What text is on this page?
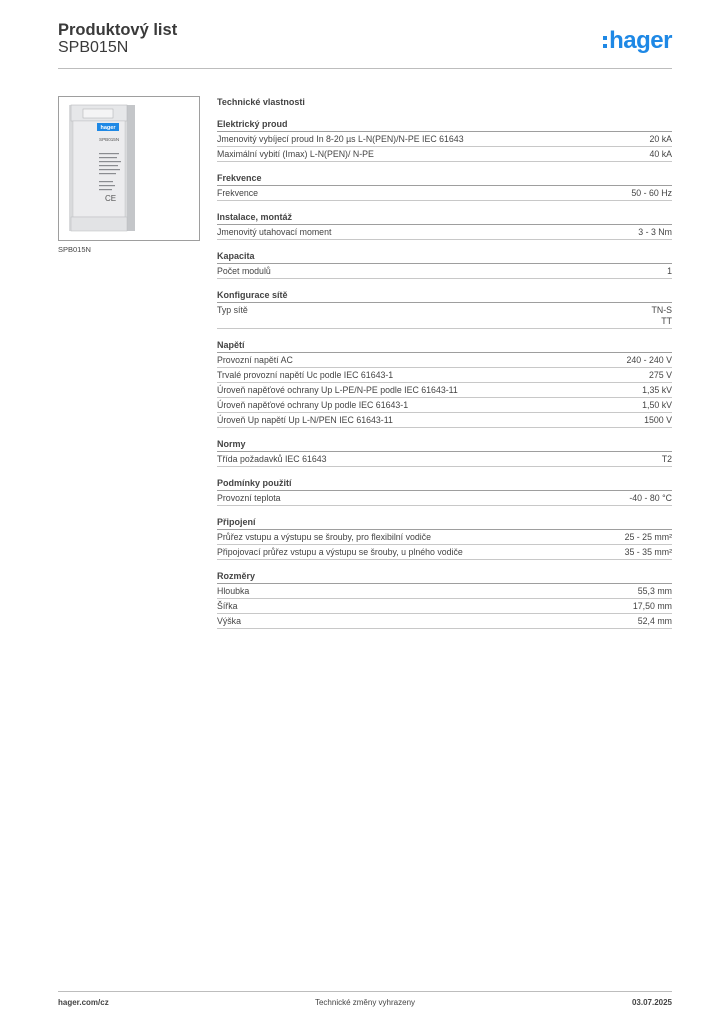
Produktový list
SPB015N	hager
hager
SPB015N
CE
SPB015N
Technické vlastnosti
Elektrický proud
Jmenovitý vybíjecí proud In 8-20 µs L-N(PEN)/N-PE IEC 61643	20 kA
Maximální vybití (Imax) L-N(PEN)/ N-PE	40 kA
Frekvence
Frekvence	50 - 60 Hz
Instalace, montáž
Jmenovitý utahovací moment	3 - 3 Nm
Kapacita
Počet modulů	1
Konfigurace sítě
Typ sítě	TN-S
TT
Napětí
Provozní napětí AC	240 - 240 V
Trvalé provozní napětí Uc podle IEC 61643-1	275 V
Úroveň napěťové ochrany Up L-PE/N-PE podle IEC 61643-11	1,35 kV
Úroveň napěťové ochrany Up podle IEC 61643-1	1,50 kV
Úroveň Up napětí Up L-N/PEN IEC 61643-11	1500 V
Normy
Třída požadavků IEC 61643	T2
Podmínky použití
Provozní teplota	-40 - 80 °C
Připojení
Průřez vstupu a výstupu se šrouby, pro flexibilní vodiče	25 - 25 mm²
Připojovací průřez vstupu a výstupu se šrouby, u plného vodiče	35 - 35 mm²
Rozměry
Hloubka	55,3 mm
Šířka	17,50 mm
Výška	52,4 mm
hager.com/cz	Technické změny vyhrazeny	03.07.2025
